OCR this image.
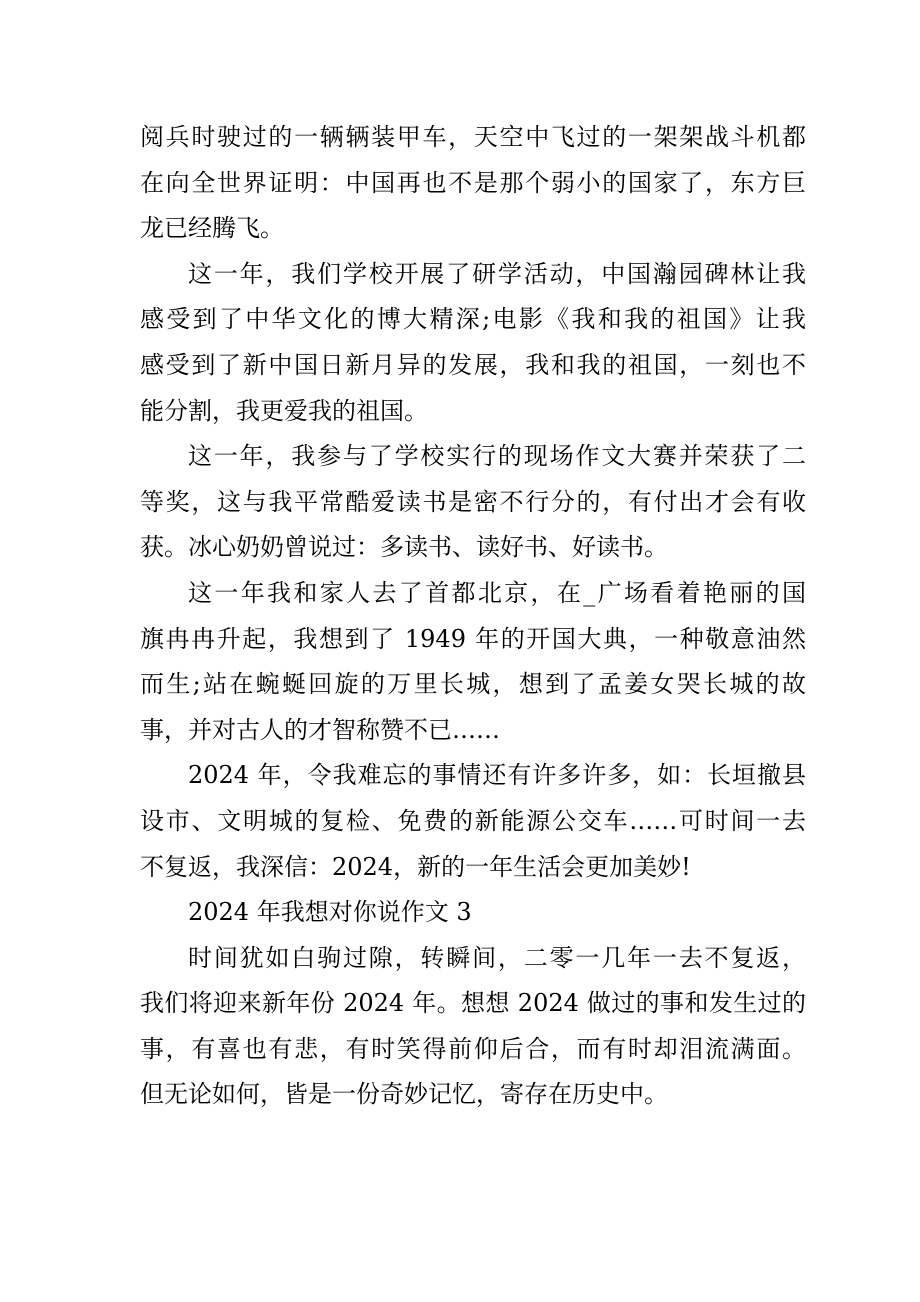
阅兵时驶过的一辆辆装甲车，天空中飞过的一架架战斗机都
在向全世界证明：中国再也不是那个弱小的国家了，东方巨
龙已经腾飞。
这一年，我们学校开展了研学活动，中国瀚园碑林让我
感受到了中华文化的博大精深;电影《我和我的祖国》让我
感受到了新中国日新月异的发展，我和我的祖国，一刻也不
能分割，我更爱我的祖国。
这一年，我参与了学校实行的现场作文大赛并荣获了二
等奖，这与我平常酷爱读书是密不行分的，有付出才会有收
获。冰心奶奶曾说过：多读书、读好书、好读书。
这一年我和家人去了首都北京，在_广场看着艳丽的国
旗冉冉升起，我想到了 1949 年的开国大典，一种敬意油然
而生;站在蜿蜒回旋的万里长城，想到了孟姜女哭长城的故
事，并对古人的才智称赞不已……
2024 年，令我难忘的事情还有许多许多，如：长垣撤县
设市、文明城的复检、免费的新能源公交车……可时间一去
不复返，我深信：2024，新的一年生活会更加美妙!
2024 年我想对你说作文 3
时间犹如白驹过隙，转瞬间，二零一几年一去不复返，
我们将迎来新年份 2024 年。想想 2024 做过的事和发生过的
事，有喜也有悲，有时笑得前仰后合，而有时却泪流满面。
但无论如何，皆是一份奇妙记忆，寄存在历史中。
